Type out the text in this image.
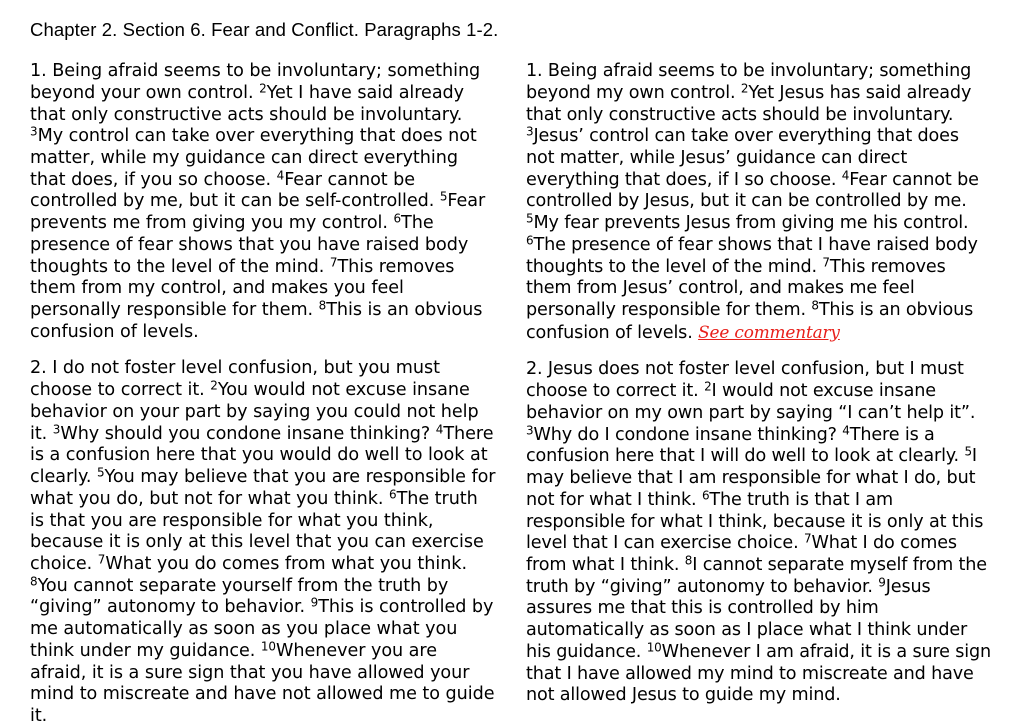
Chapter 2. Section 6. Fear and Conflict. Paragraphs 1-2.

1. Being afraid seems to be involuntary; something beyond your own control. $^2$Yet I have said already that only constructive acts should be involuntary. $^3$My control can take over everything that does not matter, while my guidance can direct everything that does, if you so choose. $^4$Fear cannot be controlled by me, but it can be self-controlled. $^5$Fear prevents me from giving you my control. $^6$The presence of fear shows that you have raised body thoughts to the level of the mind. $^7$This removes them from my control, and makes you feel personally responsible for them. $^8$This is an obvious confusion of levels.

2. I do not foster level confusion, but you must choose to correct it. $^2$You would not excuse insane behavior on your part by saying you could not help it. $^3$Why should you condone insane thinking? $^4$There is a confusion here that you would do well to look at clearly. $^5$You may believe that you are responsible for what you do, but not for what you think. $^6$The truth is that you are responsible for what you think, because it is only at this level that you can exercise choice. $^7$What you do comes from what you think. $^8$You cannot separate yourself from the truth by “giving” autonomy to behavior. $^9$This is controlled by me automatically as soon as you place what you think under my guidance. $^{10}$Whenever you are afraid, it is a sure sign that you have allowed your mind to miscreate and have not allowed me to guide it.

1. Being afraid seems to be involuntary; something beyond my own control. $^2$Yet Jesus has said already that only constructive acts should be involuntary. $^3$Jesus’ control can take over everything that does not matter, while Jesus’ guidance can direct everything that does, if I so choose. $^4$Fear cannot be controlled by Jesus, but it can be controlled by me. $^5$My fear prevents Jesus from giving me his control. $^6$The presence of fear shows that I have raised body thoughts to the level of the mind. $^7$This removes them from Jesus’ control, and makes me feel personally responsible for them. $^8$This is an obvious confusion of levels. See commentary

2. Jesus does not foster level confusion, but I must choose to correct it. $^2$I would not excuse insane behavior on my own part by saying “I can’t help it”. $^3$Why do I condone insane thinking? $^4$There is a confusion here that I will do well to look at clearly. $^5$I may believe that I am responsible for what I do, but not for what I think. $^6$The truth is that I am responsible for what I think, because it is only at this level that I can exercise choice. $^7$What I do comes from what I think. $^8$I cannot separate myself from the truth by “giving” autonomy to behavior. $^9$Jesus assures me that this is controlled by him automatically as soon as I place what I think under his guidance. $^{10}$Whenever I am afraid, it is a sure sign that I have allowed my mind to miscreate and have not allowed Jesus to guide my mind.
